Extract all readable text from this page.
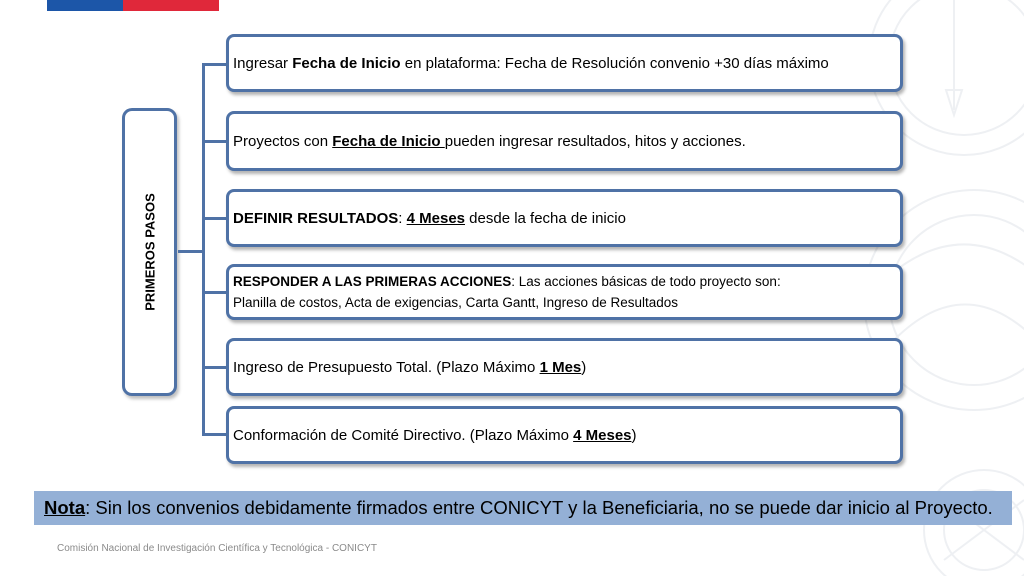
PRIMEROS PASOS
Ingresar Fecha de Inicio en plataforma: Fecha de Resolución convenio +30 días máximo
Proyectos con Fecha de Inicio pueden ingresar resultados, hitos y acciones.
DEFINIR RESULTADOS: 4 Meses desde la fecha de inicio
RESPONDER A LAS PRIMERAS ACCIONES: Las acciones básicas de todo proyecto son:
Planilla de costos, Acta de exigencias, Carta Gantt, Ingreso de Resultados
Ingreso de Presupuesto Total. (Plazo Máximo 1 Mes)
Conformación de Comité Directivo. (Plazo Máximo 4 Meses)
Nota : Sin los convenios debidamente firmados entre CONICYT y la Beneficiaria, no se puede dar inicio al Proyecto.
Comisión Nacional de Investigación Científica y Tecnológica - CONICYT
